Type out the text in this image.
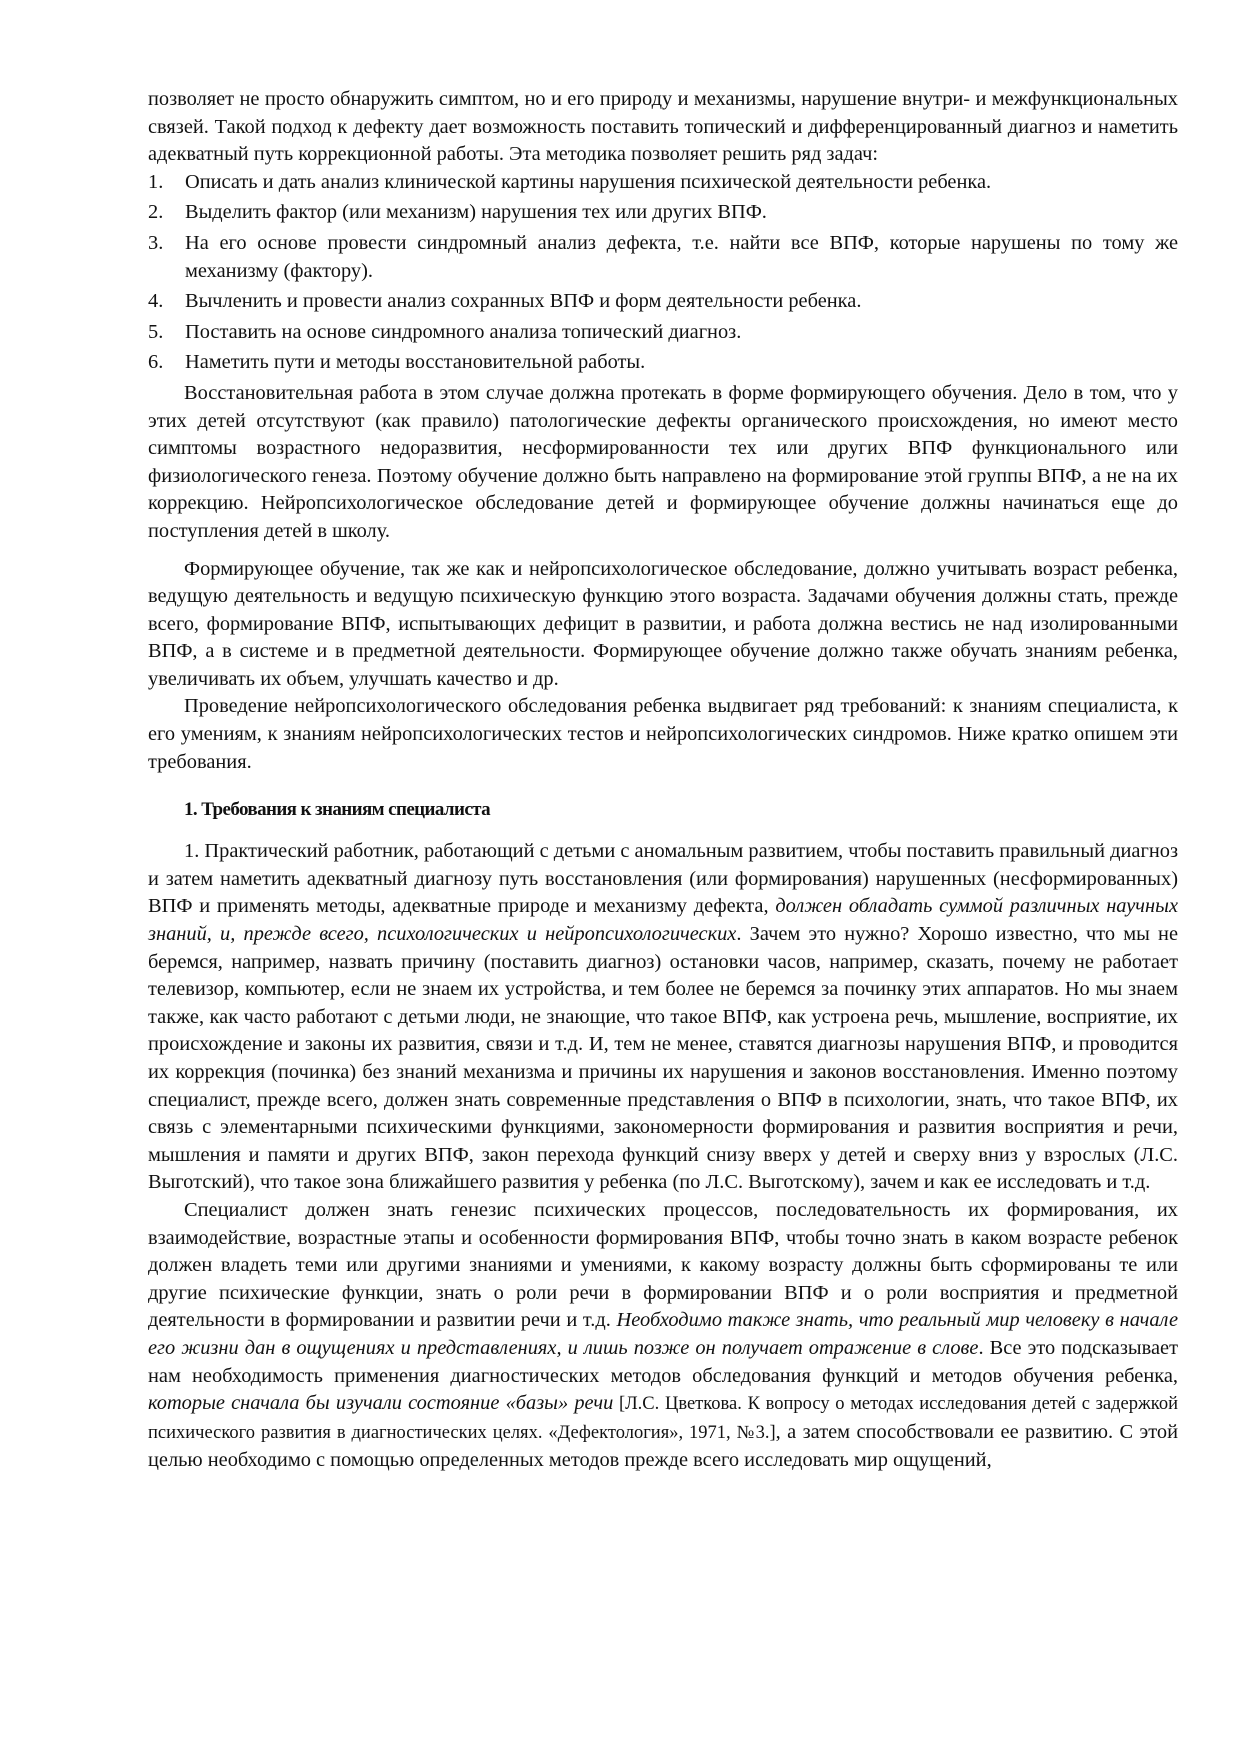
позволяет не просто обнаружить симптом, но и его природу и механизмы, нарушение внутри- и межфункциональных связей. Такой подход к дефекту дает возможность поставить топический и дифференцированный диагноз и наметить адекватный путь коррекционной работы. Эта методика позволяет решить ряд задач:

1. Описать и дать анализ клинической картины нарушения психической деятельности ребенка.
2. Выделить фактор (или механизм) нарушения тех или других ВПФ.
3. На его основе провести синдромный анализ дефекта, т.е. найти все ВПФ, которые нарушены по тому же механизму (фактору).
4. Вычленить и провести анализ сохранных ВПФ и форм деятельности ребенка.
5. Поставить на основе синдромного анализа топический диагноз.
6. Наметить пути и методы восстановительной работы.

Восстановительная работа в этом случае должна протекать в форме формирующего обучения. Дело в том, что у этих детей отсутствуют (как правило) патологические дефекты органического происхождения, но имеют место симптомы возрастного недоразвития, несформированности тех или других ВПФ функционального или физиологического генеза. Поэтому обучение должно быть направлено на формирование этой группы ВПФ, а не на их коррекцию. Нейропсихологическое обследование детей и формирующее обучение должны начинаться еще до поступления детей в школу.

Формирующее обучение, так же как и нейропсихологическое обследование, должно учитывать возраст ребенка, ведущую деятельность и ведущую психическую функцию этого возраста. Задачами обучения должны стать, прежде всего, формирование ВПФ, испытывающих дефицит в развитии, и работа должна вестись не над изолированными ВПФ, а в системе и в предметной деятельности. Формирующее обучение должно также обучать знаниям ребенка, увеличивать их объем, улучшать качество и др.

Проведение нейропсихологического обследования ребенка выдвигает ряд требований: к знаниям специалиста, к его умениям, к знаниям нейропсихологических тестов и нейропсихологических синдромов. Ниже кратко опишем эти требования.

1. Требования к знаниям специалиста

1. Практический работник, работающий с детьми с аномальным развитием, чтобы поставить правильный диагноз и затем наметить адекватный диагнозу путь восстановления (или формирования) нарушенных (несформированных) ВПФ и применять методы, адекватные природе и механизму дефекта, должен обладать суммой различных научных знаний, и, прежде всего, психологических и нейропсихологических. Зачем это нужно? Хорошо известно, что мы не беремся, например, назвать причину (поставить диагноз) остановки часов, например, сказать, почему не работает телевизор, компьютер, если не знаем их устройства, и тем более не беремся за починку этих аппаратов. Но мы знаем также, как часто работают с детьми люди, не знающие, что такое ВПФ, как устроена речь, мышление, восприятие, их происхождение и законы их развития, связи и т.д. И, тем не менее, ставятся диагнозы нарушения ВПФ, и проводится их коррекция (починка) без знаний механизма и причины их нарушения и законов восстановления. Именно поэтому специалист, прежде всего, должен знать современные представления о ВПФ в психологии, знать, что такое ВПФ, их связь с элементарными психическими функциями, закономерности формирования и развития восприятия и речи, мышления и памяти и других ВПФ, закон перехода функций снизу вверх у детей и сверху вниз у взрослых (Л.С. Выготский), что такое зона ближайшего развития у ребенка (по Л.С. Выготскому), зачем и как ее исследовать и т.д.

Специалист должен знать генезис психических процессов, последовательность их формирования, их взаимодействие, возрастные этапы и особенности формирования ВПФ, чтобы точно знать в каком возрасте ребенок должен владеть теми или другими знаниями и умениями, к какому возрасту должны быть сформированы те или другие психические функции, знать о роли речи в формировании ВПФ и о роли восприятия и предметной деятельности в формировании и развитии речи и т.д. Необходимо также знать, что реальный мир человеку в начале его жизни дан в ощущениях и представлениях, и лишь позже он получает отражение в слове. Все это подсказывает нам необходимость применения диагностических методов обследования функций и методов обучения ребенка, которые сначала бы изучали состояние «базы» речи [Л.С. Цветкова. К вопросу о методах исследования детей с задержкой психического развития в диагностических целях. «Дефектология», 1971, №3.], а затем способствовали ее развитию. С этой целью необходимо с помощью определенных методов прежде всего исследовать мир ощущений,
